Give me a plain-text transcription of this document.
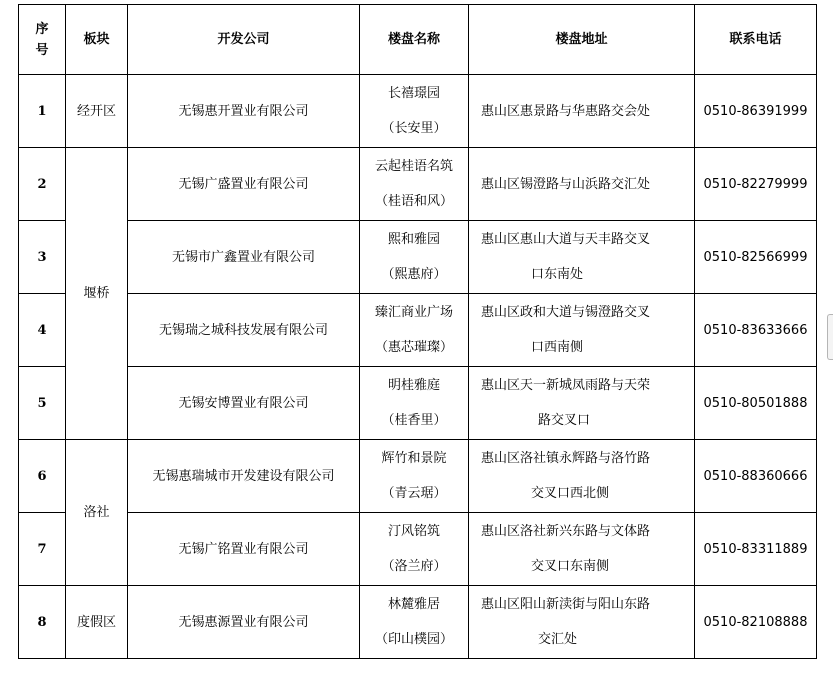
序
号	板块	开发公司	楼盘名称	楼盘地址	联系电话
1	经开区	无锡惠开置业有限公司	长禧璟园
（长安里）	惠山区惠景路与华惠路交会处	0510-86391999
2	堰桥	无锡广盛置业有限公司	云起桂语名筑
（桂语和风）	惠山区锡澄路与山浜路交汇处	0510-82279999
3		无锡市广鑫置业有限公司	熙和雅园
（熙惠府）	惠山区惠山大道与天丰路交叉
口东南处	0510-82566999
4		无锡瑞之城科技发展有限公司	臻汇商业广场
（惠芯璀璨）	惠山区政和大道与锡澄路交叉
口西南侧	0510-83633666
5		无锡安博置业有限公司	明桂雅庭
（桂香里）	惠山区天一新城凤雨路与天荣
路交叉口	0510-80501888
6	洛社	无锡惠瑞城市开发建设有限公司	辉竹和景院
（青云琚）	惠山区洛社镇永辉路与洛竹路
交叉口西北侧	0510-88360666
7		无锡广铭置业有限公司	汀风铭筑
（洛兰府）	惠山区洛社新兴东路与文体路
交叉口东南侧	0510-83311889
8	度假区	无锡惠源置业有限公司	林麓雅居
（印山樸园）	惠山区阳山新渎街与阳山东路
交汇处	0510-82108888
